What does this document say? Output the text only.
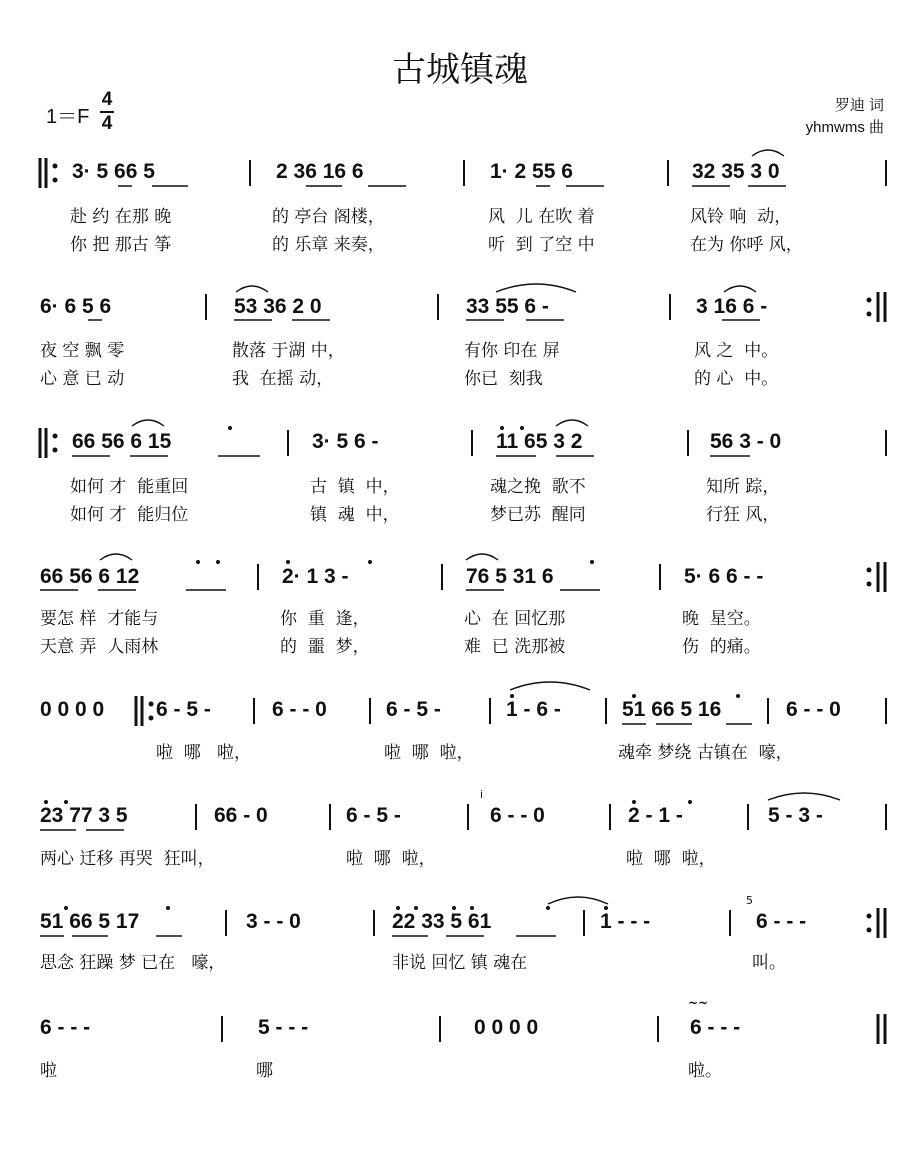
古城镇魂
1＝F
4
4
罗迪 词
yhmwms 曲
3· 5 66 5	2 36 16 6	1· 2 55 6	32 35 3 0
赴 约 在那 晚	的 亭台 阁楼，	风  儿 在吹 着	风铃 响  动，
你 把 那古 筝	的 乐章 来奏，	听  到 了空 中	在为 你呼 风，
6· 6 5 6	53 36 2 0	33 55 6 -	3 16 6 -
夜 空 飘 零	散落 于湖 中，	有你 印在 屏	风 之  中。
心 意 已 动	我  在摇 动，	你已  刻我	的 心  中。
66 56 6 15	3· 5 6 -	11 65 3 2	56 3 - 0
如何 才  能重回	古  镇  中，	魂之挽  歌不	知所 踪，
如何 才  能归位	镇  魂  中，	梦已苏  醒同	行狂 风，
66 56 6 12	2· 1 3 -	76 5 31 6	5· 6 6 - -
要怎 样  才能与	你  重  逢，	心  在 回忆那	晚  星空。
天意 弄  人雨林	的  噩  梦，	难  已 洗那被	伤  的痛。
0 0 0 0 6 - 5 -	6 - - 0	6 - 5 -	1 - 6 -	51 66 5 16	6 - - 0
啦  哪   啦，	啦  哪  啦，	魂牵 梦绕 古镇在  嚎，
23 77 3 5	66 - 0	6 - 5 -
i
6 - - 0	2 - 1 -	5 - 3 -
两心 迁移 再哭  狂叫，	啦  哪  啦，	啦  哪  啦，
51 66 5 17	3 - - 0	22 33 5 61	1 - - -
5
6 - - -
思念 狂躁 梦 已在   嚎，	非说 回忆 镇 魂在	叫。
6 - - -	5 - - -	0 0 0 0
~~
6 - - -
啦	哪	啦。
